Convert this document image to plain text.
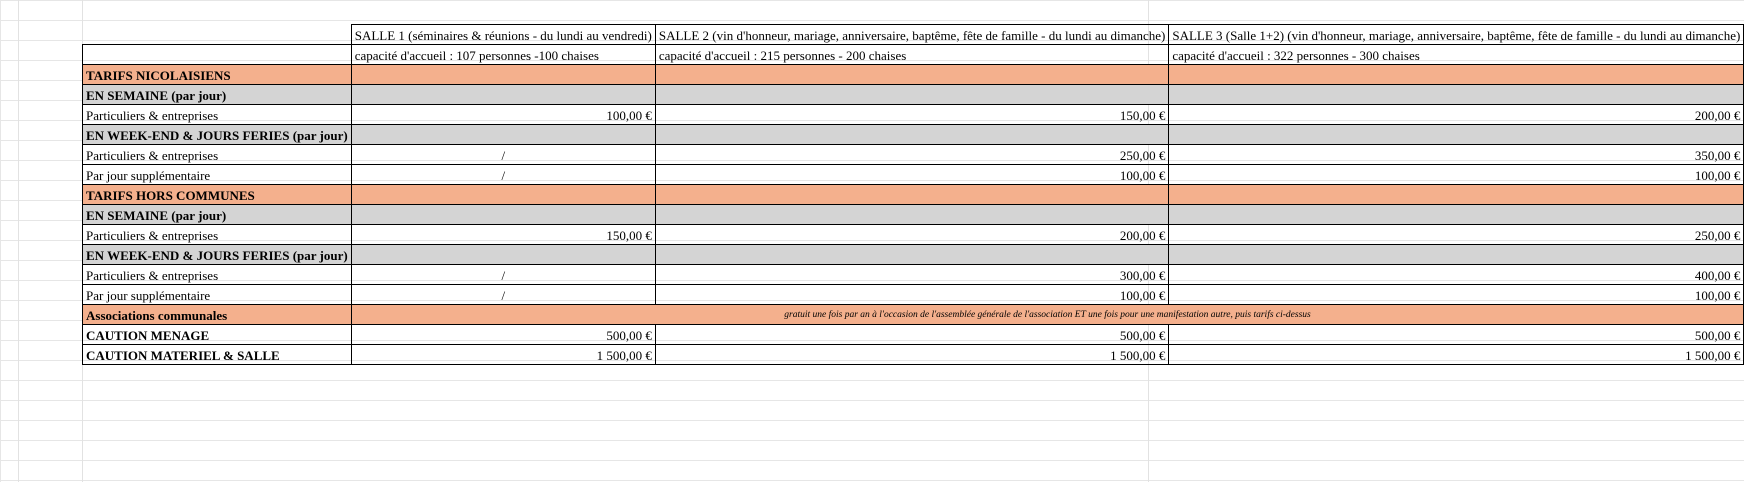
	SALLE 1 (séminaires & réunions - du lundi au vendredi)	SALLE 2 (vin d'honneur, mariage, anniversaire, baptême, fête de famille - du lundi au dimanche)	SALLE 3 (Salle 1+2) (vin d'honneur, mariage, anniversaire, baptême, fête de famille - du lundi au dimanche)
	capacité d'accueil : 107 personnes -100 chaises	capacité d'accueil : 215 personnes - 200 chaises	capacité d'accueil : 322 personnes - 300 chaises
TARIFS NICOLAISIENS			
EN SEMAINE (par jour)			
Particuliers & entreprises	100,00 €	150,00 €	200,00 €
EN WEEK-END & JOURS FERIES (par jour)			
Particuliers & entreprises	/	250,00 €	350,00 €
Par jour supplémentaire	/	100,00 €	100,00 €
TARIFS HORS COMMUNES			
EN SEMAINE (par jour)			
Particuliers & entreprises	150,00 €	200,00 €	250,00 €
EN WEEK-END & JOURS FERIES (par jour)			
Particuliers & entreprises	/	300,00 €	400,00 €
Par jour supplémentaire	/	100,00 €	100,00 €
Associations communales	gratuit une fois par an à l'occasion de l'assemblée générale de l'association ET une fois pour une manifestation autre, puis tarifs ci-dessus		
CAUTION MENAGE	500,00 €	500,00 €	500,00 €
CAUTION MATERIEL & SALLE	1 500,00 €	1 500,00 €	1 500,00 €
